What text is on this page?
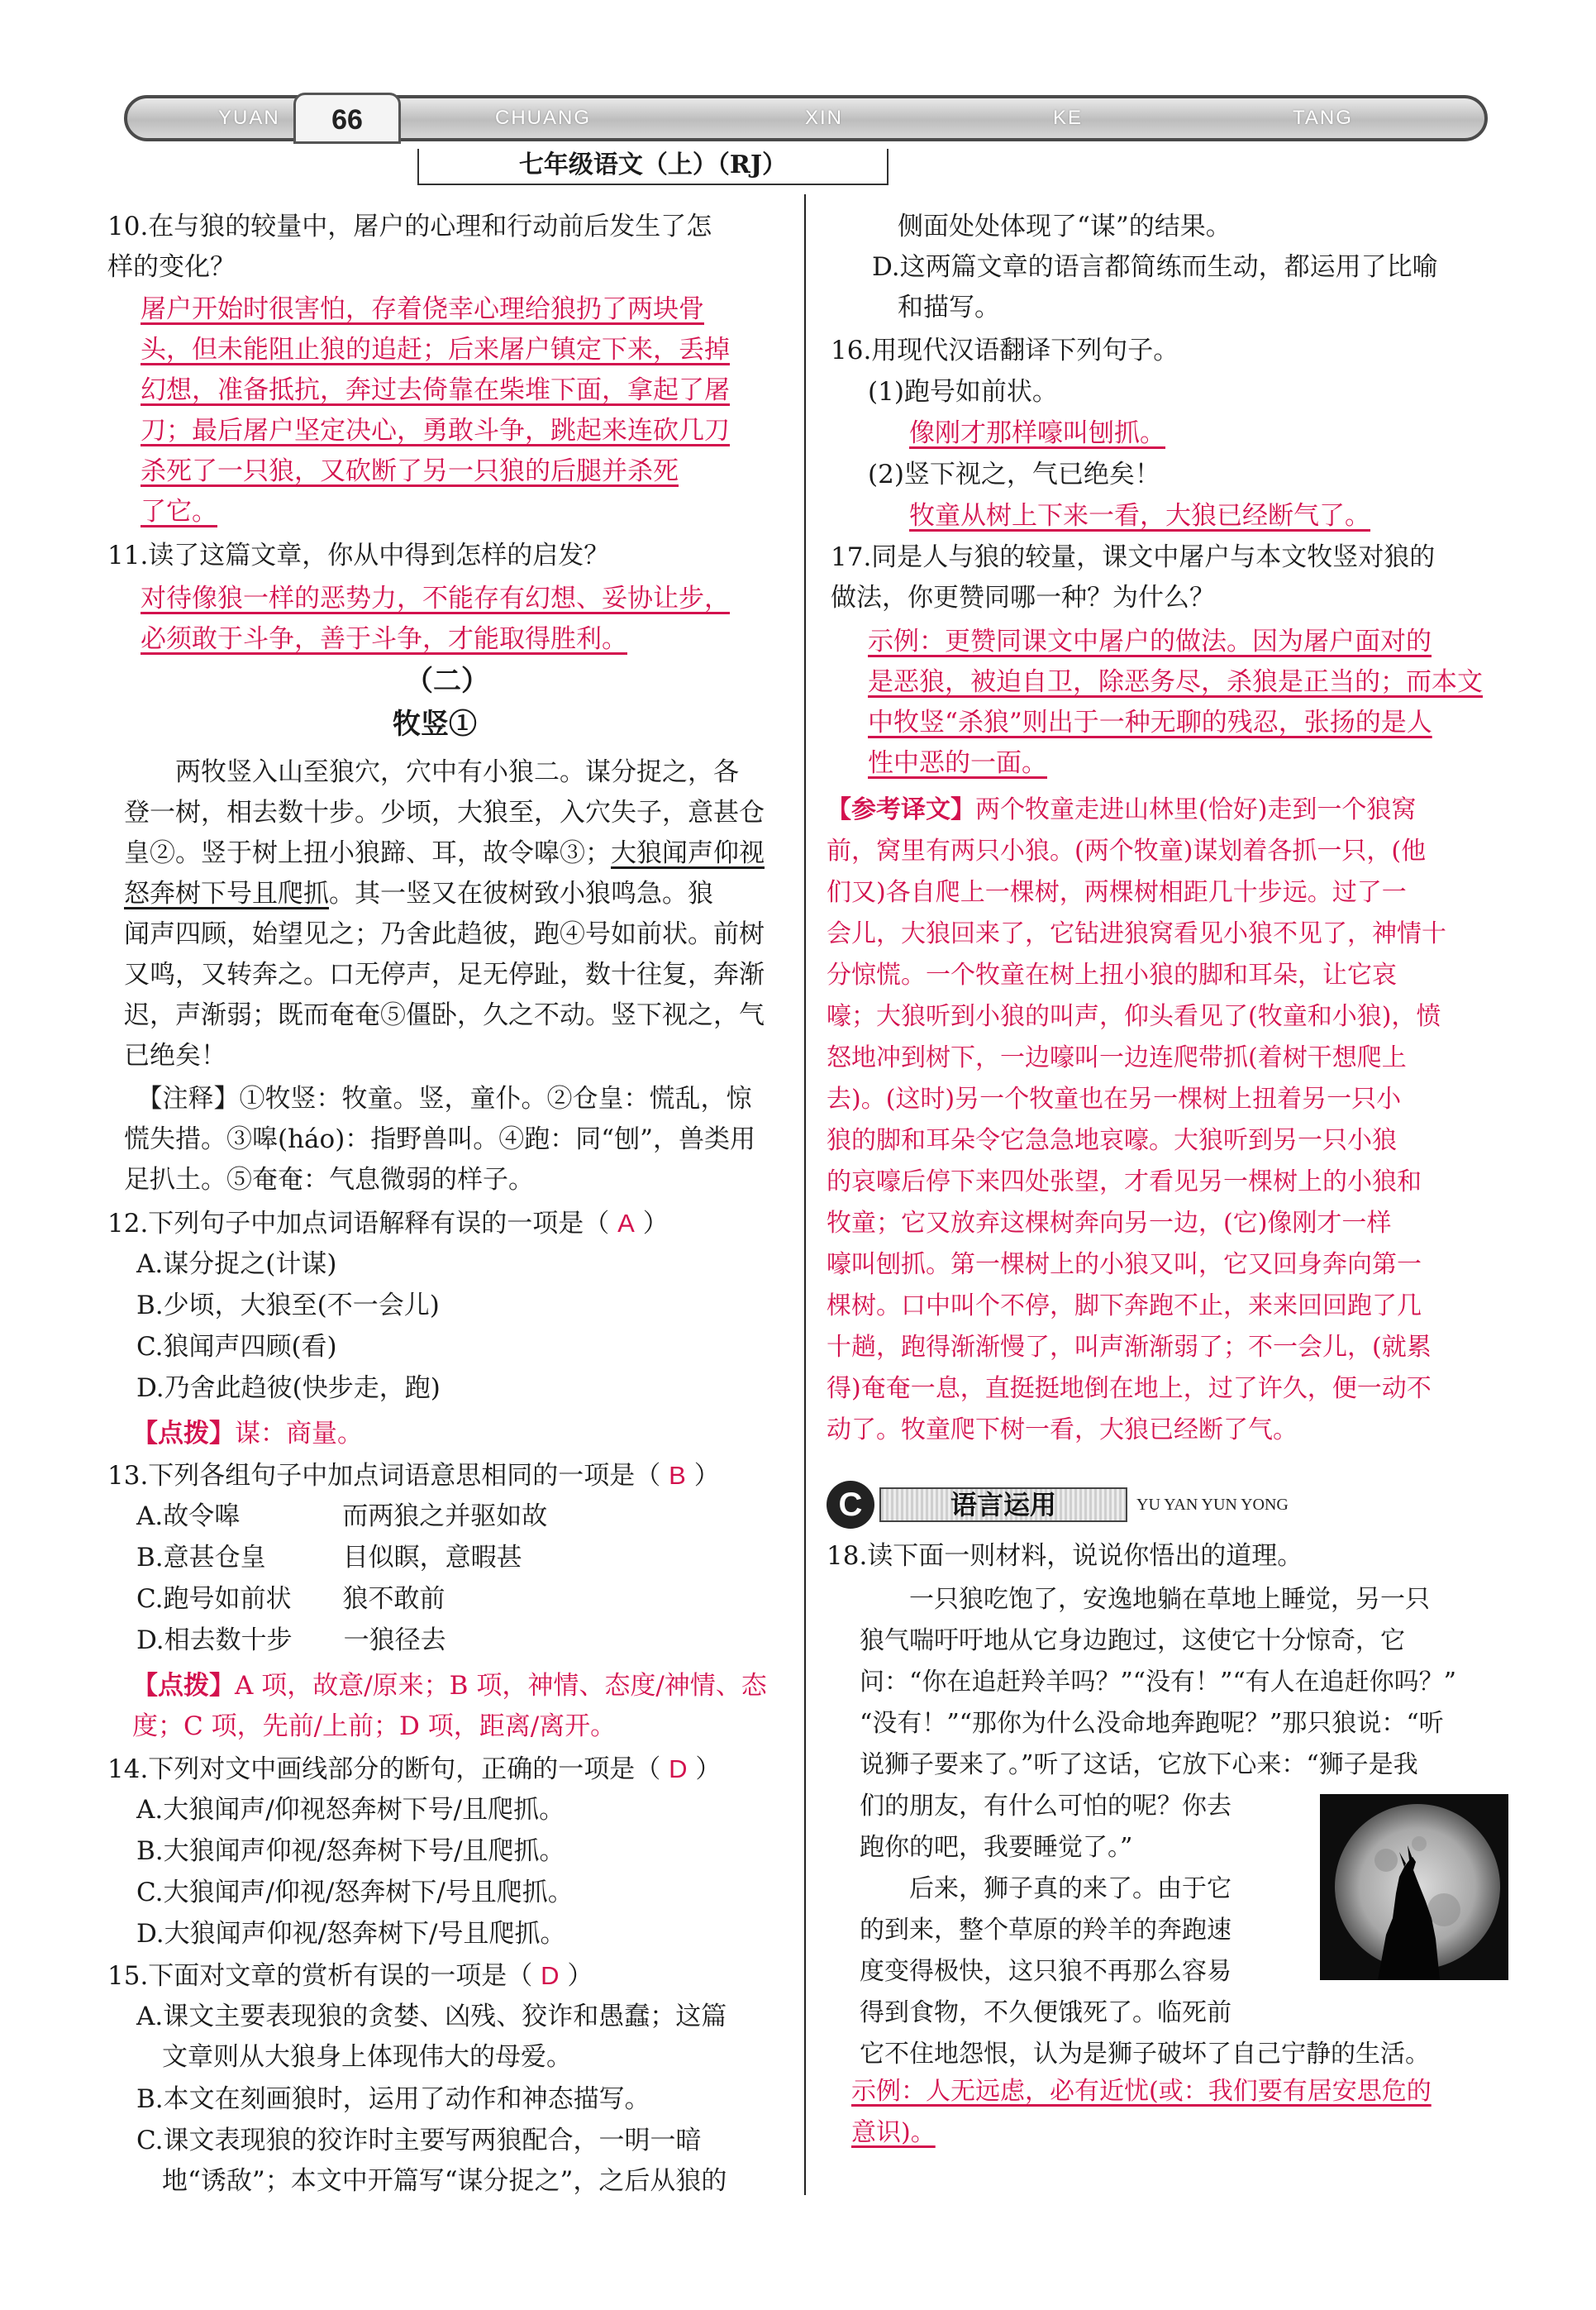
YUAN	CHUANG	XIN	KE	TANG
66
七年级语文（上）（RJ）
10.在与狼的较量中，屠户的心理和行动前后发生了怎
样的变化？
屠户开始时很害怕，存着侥幸心理给狼扔了两块骨
头，但未能阻止狼的追赶；后来屠户镇定下来，丢掉
幻想，准备抵抗，奔过去倚靠在柴堆下面，拿起了屠
刀；最后屠户坚定决心，勇敢斗争，跳起来连砍几刀
杀死了一只狼，又砍断了另一只狼的后腿并杀死
了它。
11.读了这篇文章，你从中得到怎样的启发？
对待像狼一样的恶势力，不能存有幻想、妥协让步，
必须敢于斗争，善于斗争，才能取得胜利。
（二）
牧竖①
　　两牧竖入山至狼穴，穴中有小狼二。谋分捉之，各
登一树，相去数十步。少顷，大狼至，入穴失子，意甚仓
皇②。竖于树上扭小狼蹄、耳，故令嗥③；大狼闻声仰视
怒奔树下号且爬抓。其一竖又在彼树致小狼鸣急。狼
闻声四顾，始望见之；乃舍此趋彼，跑④号如前状。前树
又鸣，又转奔之。口无停声，足无停趾，数十往复，奔渐
迟，声渐弱；既而奄奄⑤僵卧，久之不动。竖下视之，气
已绝矣！
　【注释】①牧竖：牧童。竖，童仆。②仓皇：慌乱，惊
慌失措。③嗥(háo)：指野兽叫。④跑：同“刨”，兽类用
足扒土。⑤奄奄：气息微弱的样子。
12.下列句子中加点词语解释有误的一项是（ A ）
A.谋分捉之(计谋)
B.少顷，大狼至(不一会儿)
C.狼闻声四顾(看)
D.乃舍此趋彼(快步走，跑)
【点拨】谋：商量。
13.下列各组句子中加点词语意思相同的一项是（ B ）
A.故令嗥　　　　而两狼之并驱如故
B.意甚仓皇　　　目似瞑，意暇甚
C.跑号如前状　　狼不敢前
D.相去数十步　　一狼径去
【点拨】A 项，故意/原来；B 项，神情、态度/神情、态
度；C 项，先前/上前；D 项，距离/离开。
14.下列对文中画线部分的断句，正确的一项是（ D ）
A.大狼闻声/仰视怒奔树下号/且爬抓。
B.大狼闻声仰视/怒奔树下号/且爬抓。
C.大狼闻声/仰视/怒奔树下/号且爬抓。
D.大狼闻声仰视/怒奔树下/号且爬抓。
15.下面对文章的赏析有误的一项是（ D ）
A.课文主要表现狼的贪婪、凶残、狡诈和愚蠢；这篇
　文章则从大狼身上体现伟大的母爱。
B.本文在刻画狼时，运用了动作和神态描写。
C.课文表现狼的狡诈时主要写两狼配合，一明一暗
　地“诱敌”；本文中开篇写“谋分捉之”，之后从狼的
　侧面处处体现了“谋”的结果。
D.这两篇文章的语言都简练而生动，都运用了比喻
　和描写。
16.用现代汉语翻译下列句子。
(1)跑号如前状。
像刚才那样嚎叫刨抓。
(2)竖下视之，气已绝矣！
牧童从树上下来一看，大狼已经断气了。
17.同是人与狼的较量，课文中屠户与本文牧竖对狼的
做法，你更赞同哪一种？为什么？
示例：更赞同课文中屠户的做法。因为屠户面对的
是恶狼，被迫自卫，除恶务尽，杀狼是正当的；而本文
中牧竖“杀狼”则出于一种无聊的残忍，张扬的是人
性中恶的一面。
【参考译文】两个牧童走进山林里(恰好)走到一个狼窝
前，窝里有两只小狼。(两个牧童)谋划着各抓一只，(他
们又)各自爬上一棵树，两棵树相距几十步远。过了一
会儿，大狼回来了，它钻进狼窝看见小狼不见了，神情十
分惊慌。一个牧童在树上扭小狼的脚和耳朵，让它哀
嚎；大狼听到小狼的叫声，仰头看见了(牧童和小狼)，愤
怒地冲到树下，一边嚎叫一边连爬带抓(着树干想爬上
去)。(这时)另一个牧童也在另一棵树上扭着另一只小
狼的脚和耳朵令它急急地哀嚎。大狼听到另一只小狼
的哀嚎后停下来四处张望，才看见另一棵树上的小狼和
牧童；它又放弃这棵树奔向另一边，(它)像刚才一样
嚎叫刨抓。第一棵树上的小狼又叫，它又回身奔向第一
棵树。口中叫个不停，脚下奔跑不止，来来回回跑了几
十趟，跑得渐渐慢了，叫声渐渐弱了；不一会儿，(就累
得)奄奄一息，直挺挺地倒在地上，过了许久，便一动不
动了。牧童爬下树一看，大狼已经断了气。
C	语言运用	YU YAN YUN YONG
18.读下面一则材料，说说你悟出的道理。
　　一只狼吃饱了，安逸地躺在草地上睡觉，另一只
狼气喘吁吁地从它身边跑过，这使它十分惊奇，它
问：“你在追赶羚羊吗？”“没有！”“有人在追赶你吗？”
“没有！”“那你为什么没命地奔跑呢？”那只狼说：“听
说狮子要来了。”听了这话，它放下心来：“狮子是我
们的朋友，有什么可怕的呢？你去
跑你的吧，我要睡觉了。”
　　后来，狮子真的来了。由于它
的到来，整个草原的羚羊的奔跑速
度变得极快，这只狼不再那么容易
得到食物，不久便饿死了。临死前
它不住地怨恨，认为是狮子破坏了自己宁静的生活。
示例：人无远虑，必有近忧(或：我们要有居安思危的
意识)。
